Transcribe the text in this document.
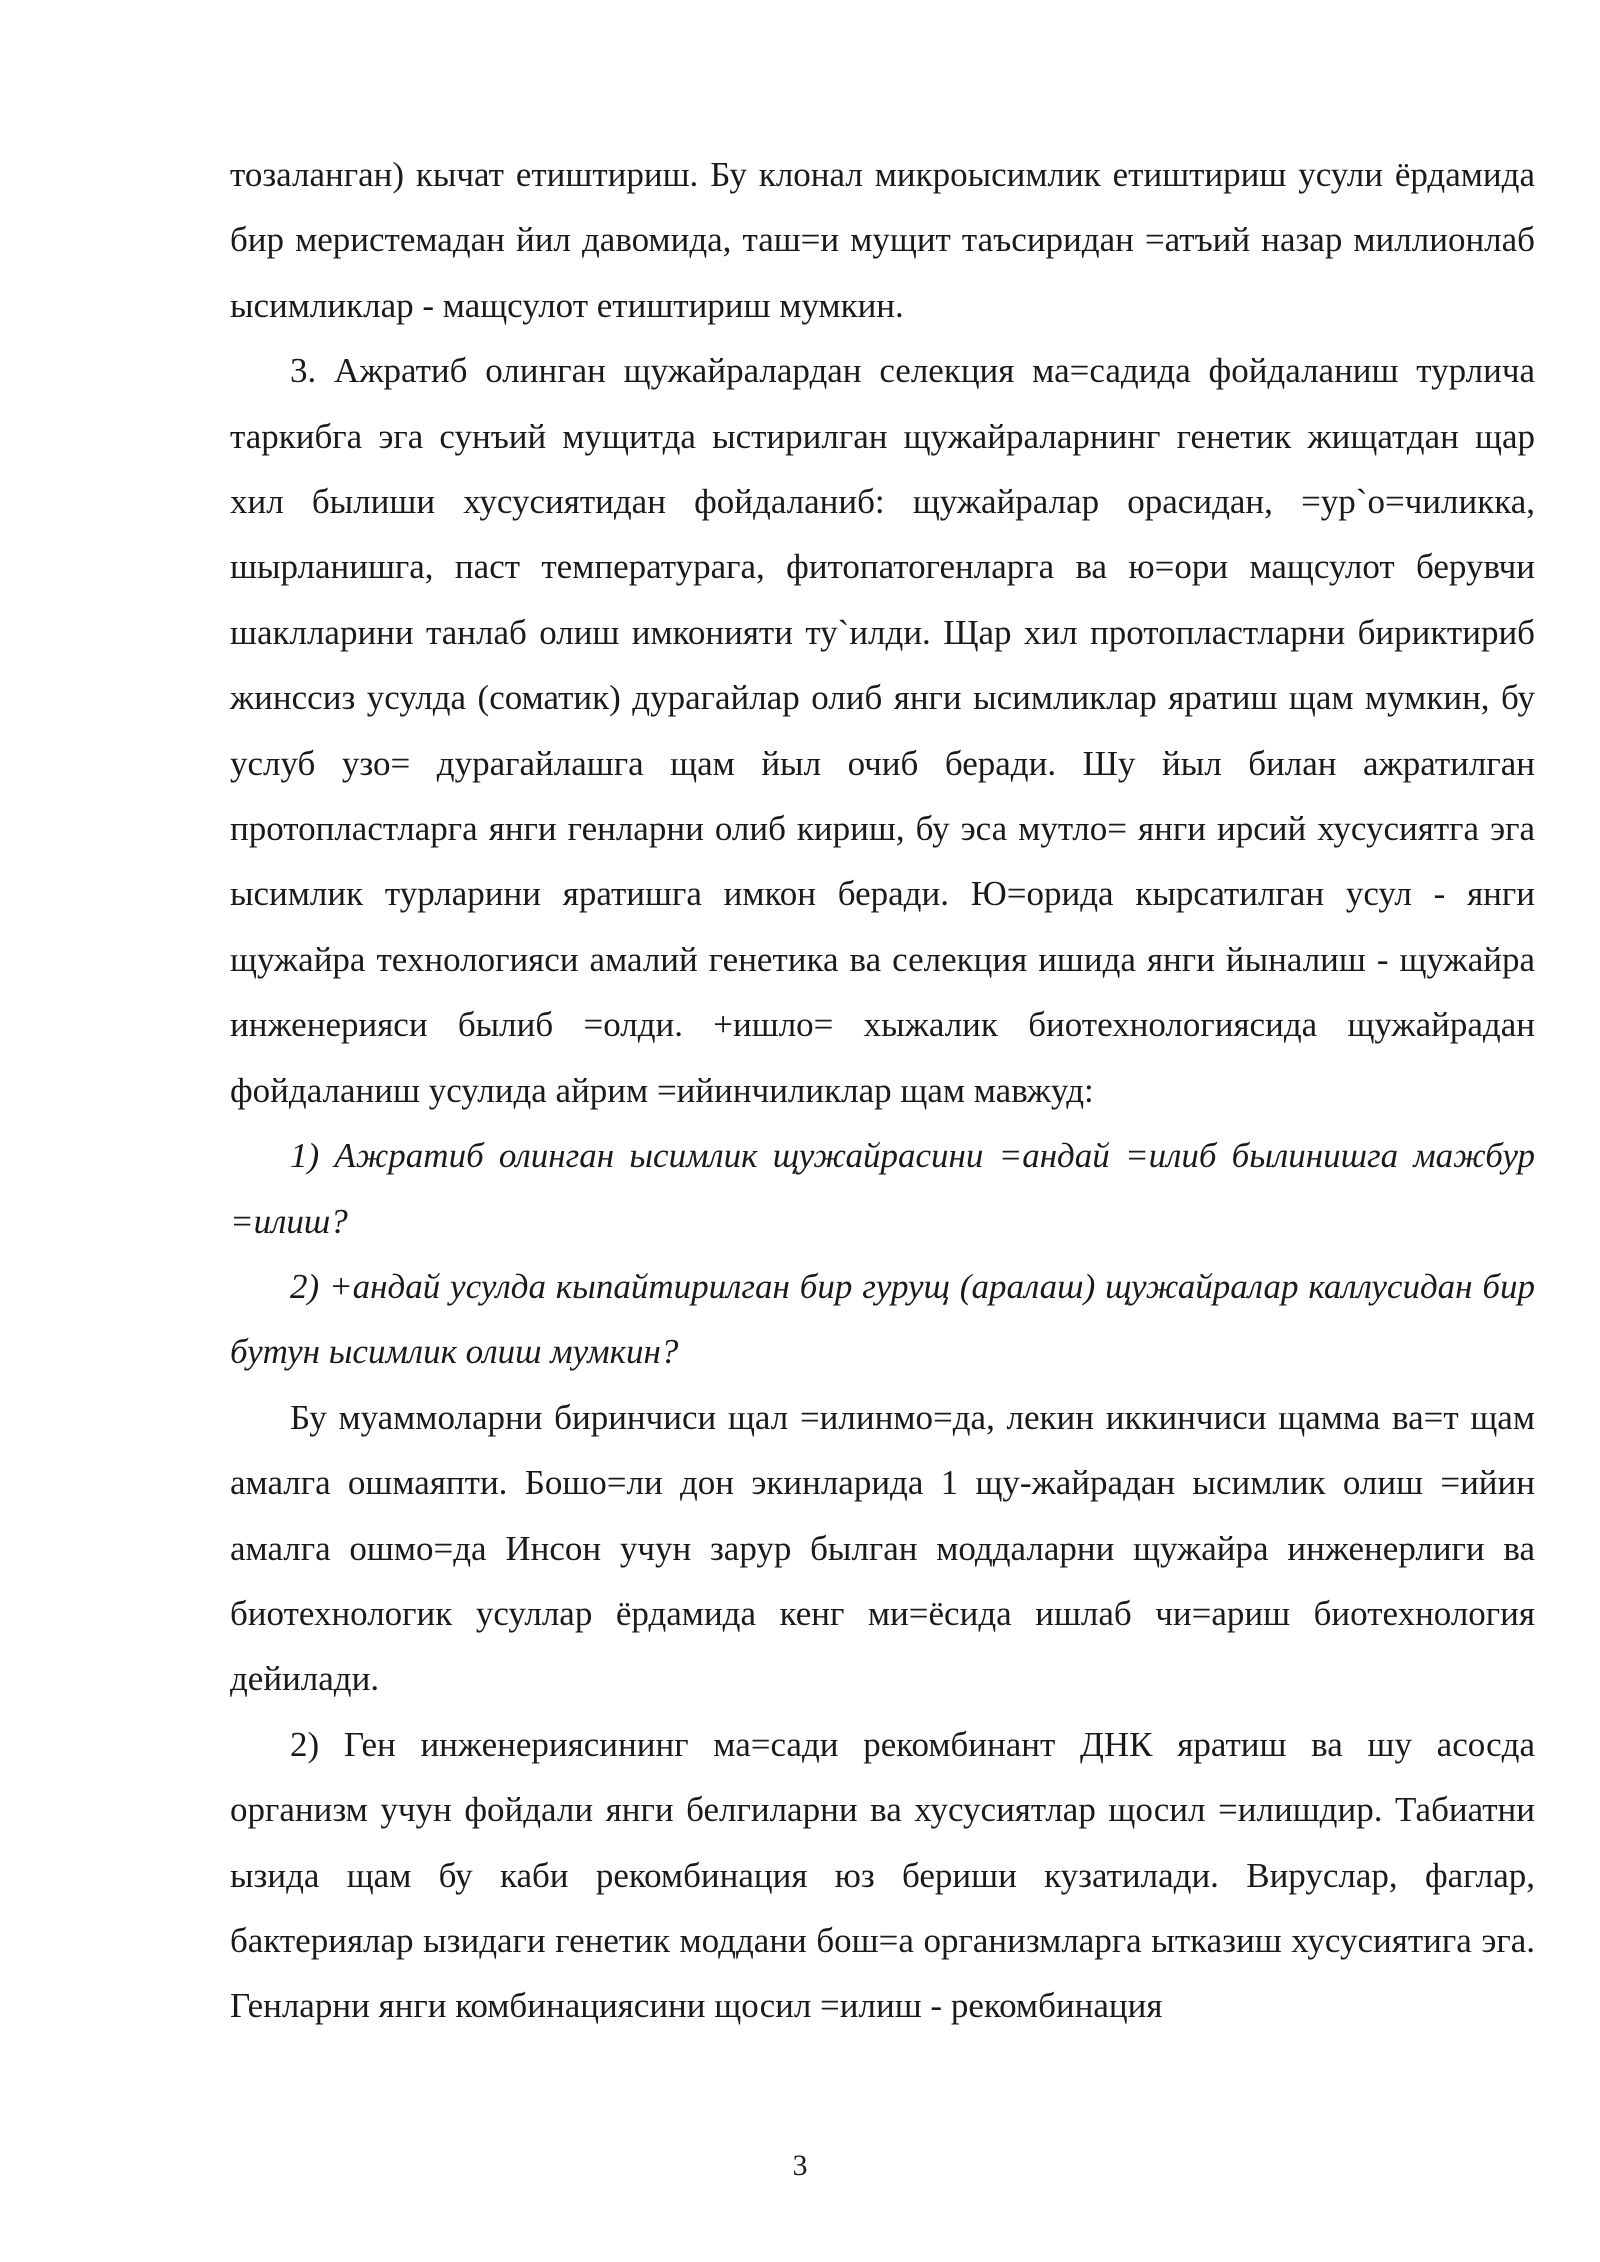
тозаланган) кычат етиштириш. Бу клонал микроысимлик етиштириш усули ёрдамида бир меристемадан йил давомида, таш=и мущит таъсиридан =атъий назар миллионлаб ысимликлар - мащсулот етиштириш мумкин.

3. Ажратиб олинган щужайралардан селекция ма=садида фойдаланиш турлича таркибга эга сунъий мущитда ыстирилган щужайраларнинг генетик жищатдан щар хил былиши хусусиятидан фойдаланиб: щужайралар орасидан, =ур`о=чиликка, шырланишга, паст температурага, фитопатогенларга ва ю=ори мащсулот берувчи шаклларини танлаб олиш имконияти ту`илди. Щар хил протопластларни бириктириб жинссиз усулда (соматик) дурагайлар олиб янги ысимликлар яратиш щам мумкин, бу услуб узо= дурагайлашга щам йыл очиб беради. Шу йыл билан ажратилган протопластларга янги генларни олиб кириш, бу эса мутло= янги ирсий хусусиятга эга ысимлик турларини яратишга имкон беради. Ю=орида кырсатилган усул - янги щужайра технологияси амалий генетика ва селекция ишида янги йыналиш - щужайра инженерияси былиб =олди. +ишло= хыжалик биотехнологиясида щужайрадан фойдаланиш усулида айрим =ийинчиликлар щам мавжуд:

1) Ажратиб олинган ысимлик щужайрасини =андай =илиб былинишга мажбур =илиш?

2) +андай усулда кыпайтирилган бир гурущ (аралаш) щужайралар каллусидан бир бутун ысимлик олиш мумкин?

Бу муаммоларни биринчиси щал =илинмо=да, лекин иккинчиси щамма ва=т щам амалга ошмаяпти. Бошо=ли дон экинларида 1 щу-жайрадан ысимлик олиш =ийин амалга ошмо=да Инсон учун зарур былган моддаларни щужайра инженерлиги ва биотехнологик усуллар ёрдамида кенг ми=ёсида ишлаб чи=ариш биотехнология дейилади.

2) Ген инженериясининг ма=сади рекомбинант ДНК яратиш ва шу асосда организм учун фойдали янги белгиларни ва хусусиятлар щосил =илишдир. Табиатни ызида щам бу каби рекомбинация юз бериши кузатилади. Вируслар, фаглар, бактериялар ызидаги генетик моддани бош=а организмларга ытказиш хусусиятига эга. Генларни янги комбинациясини щосил =илиш - рекомбинация

3
